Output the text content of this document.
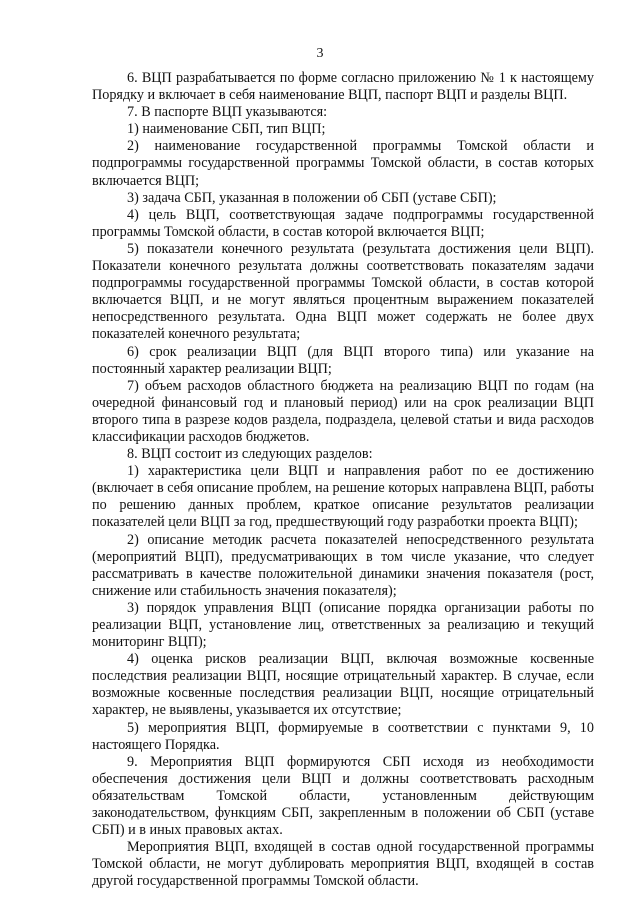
3

6. ВЦП разрабатывается по форме согласно приложению № 1 к настоящему Порядку и включает в себя наименование ВЦП, паспорт ВЦП и разделы ВЦП.

7. В паспорте ВЦП указываются:

1) наименование СБП, тип ВЦП;

2) наименование государственной программы Томской области и подпрограммы государственной программы Томской области, в состав которых включается ВЦП;

3) задача СБП, указанная в положении об СБП (уставе СБП);

4) цель ВЦП, соответствующая задаче подпрограммы государственной программы Томской области, в состав которой включается ВЦП;

5) показатели конечного результата (результата достижения цели ВЦП). Показатели конечного результата должны соответствовать показателям задачи подпрограммы государственной программы Томской области, в состав которой включается ВЦП, и не могут являться процентным выражением показателей непосредственного результата. Одна ВЦП может содержать не более двух показателей конечного результата;

6) срок реализации ВЦП (для ВЦП второго типа) или указание на постоянный характер реализации ВЦП;

7) объем расходов областного бюджета на реализацию ВЦП по годам (на очередной финансовый год и плановый период) или на срок реализации ВЦП второго типа в разрезе кодов раздела, подраздела, целевой статьи и вида расходов классификации расходов бюджетов.

8. ВЦП состоит из следующих разделов:

1) характеристика цели ВЦП и направления работ по ее достижению (включает в себя описание проблем, на решение которых направлена ВЦП, работы по решению данных проблем, краткое описание результатов реализации показателей цели ВЦП за год, предшествующий году разработки проекта ВЦП);

2) описание методик расчета показателей непосредственного результата (мероприятий ВЦП), предусматривающих в том числе указание, что следует рассматривать в качестве положительной динамики значения показателя (рост, снижение или стабильность значения показателя);

3) порядок управления ВЦП (описание порядка организации работы по реализации ВЦП, установление лиц, ответственных за реализацию и текущий мониторинг ВЦП);

4) оценка рисков реализации ВЦП, включая возможные косвенные последствия реализации ВЦП, носящие отрицательный характер. В случае, если возможные косвенные последствия реализации ВЦП, носящие отрицательный характер, не выявлены, указывается их отсутствие;

5) мероприятия ВЦП, формируемые в соответствии с пунктами 9, 10 настоящего Порядка.

9. Мероприятия ВЦП формируются СБП исходя из необходимости обеспечения достижения цели ВЦП и должны соответствовать расходным обязательствам Томской области, установленным действующим законодательством, функциям СБП, закрепленным в положении об СБП (уставе СБП) и в иных правовых актах.

Мероприятия ВЦП, входящей в состав одной государственной программы Томской области, не могут дублировать мероприятия ВЦП, входящей в состав другой государственной программы Томской области.
